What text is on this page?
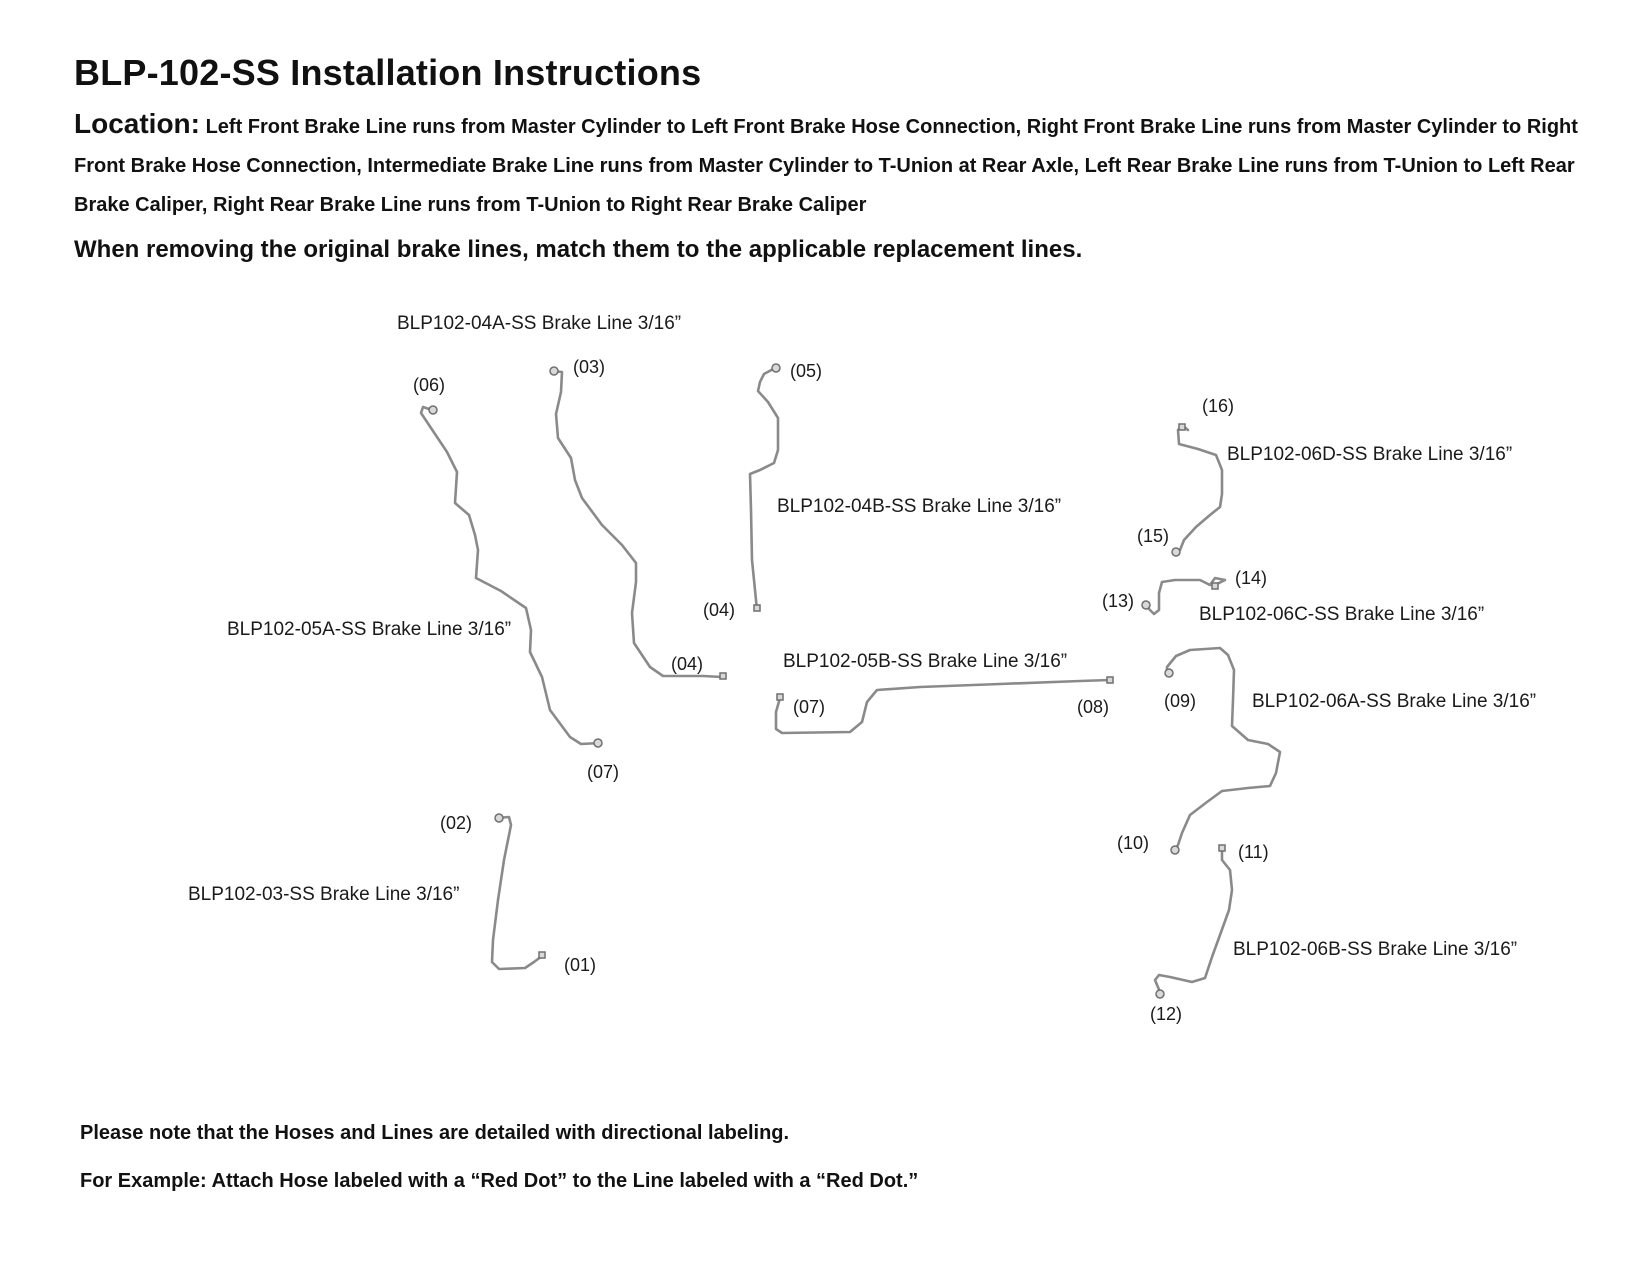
BLP-102-SS Installation Instructions

Location: Left Front Brake Line runs from Master Cylinder to Left Front Brake Hose Connection, Right Front Brake Line runs from Master Cylinder to Right Front Brake Hose Connection, Intermediate Brake Line runs from Master Cylinder to T-Union at Rear Axle, Left Rear Brake Line runs from T-Union to Left Rear Brake Caliper, Right Rear Brake Line runs from T-Union to Right Rear Brake Caliper

When removing the original brake lines, match them to the applicable replacement lines.

BLP102-04A-SS Brake Line 3/16”
(03)
(04)
BLP102-04B-SS Brake Line 3/16”
(05)
(04)
BLP102-05A-SS Brake Line 3/16”
(06)
(07)
BLP102-05B-SS Brake Line 3/16”
(07)	(08)
BLP102-03-SS Brake Line 3/16”
(02)
(01)
BLP102-06D-SS Brake Line 3/16”
(16)
(15)
BLP102-06C-SS Brake Line 3/16”
(13)
(14)
BLP102-06A-SS Brake Line 3/16”
(09)
(10)
BLP102-06B-SS Brake Line 3/16”
(11)
(12)

Please note that the Hoses and Lines are detailed with directional labeling.

For Example: Attach Hose labeled with a “Red Dot” to the Line labeled with a “Red Dot.”
